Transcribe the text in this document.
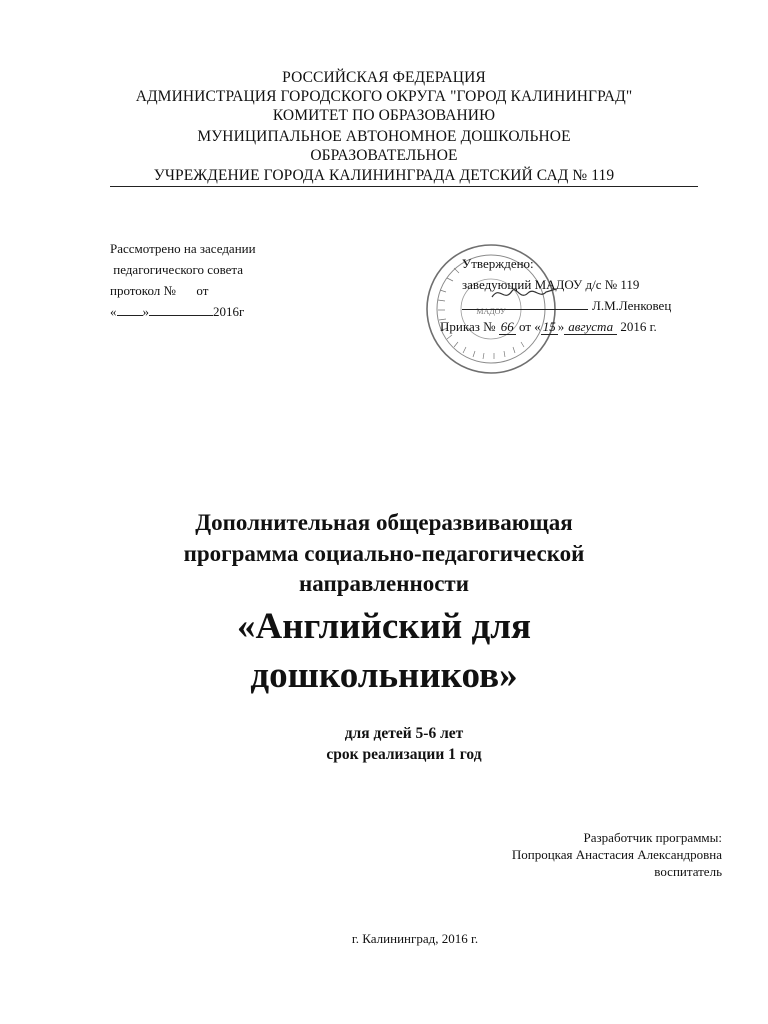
РОССИЙСКАЯ ФЕДЕРАЦИЯ
АДМИНИСТРАЦИЯ ГОРОДСКОГО ОКРУГА "ГОРОД КАЛИНИНГРАД"
КОМИТЕТ ПО ОБРАЗОВАНИЮ
МУНИЦИПАЛЬНОЕ АВТОНОМНОЕ ДОШКОЛЬНОЕ
ОБРАЗОВАТЕЛЬНОЕ
УЧРЕЖДЕНИЕ ГОРОДА КАЛИНИНГРАДА ДЕТСКИЙ САД № 119
Рассмотрено на заседании
педагогического совета
протокол № от
« »	2016г	МАДОУ
Утверждено:
заведующий МАДОУ д/с № 119
Л.М.Ленковец
Приказ № 66 от « 15 » августа 2016 г.
Дополнительная общеразвивающая
программа социально-педагогической
направленности
«Английский для
дошкольников»
для детей 5-6 лет
срок реализации 1 год
Разработчик программы:
Попроцкая Анастасия Александровна
воспитатель
г. Калининград, 2016 г.
